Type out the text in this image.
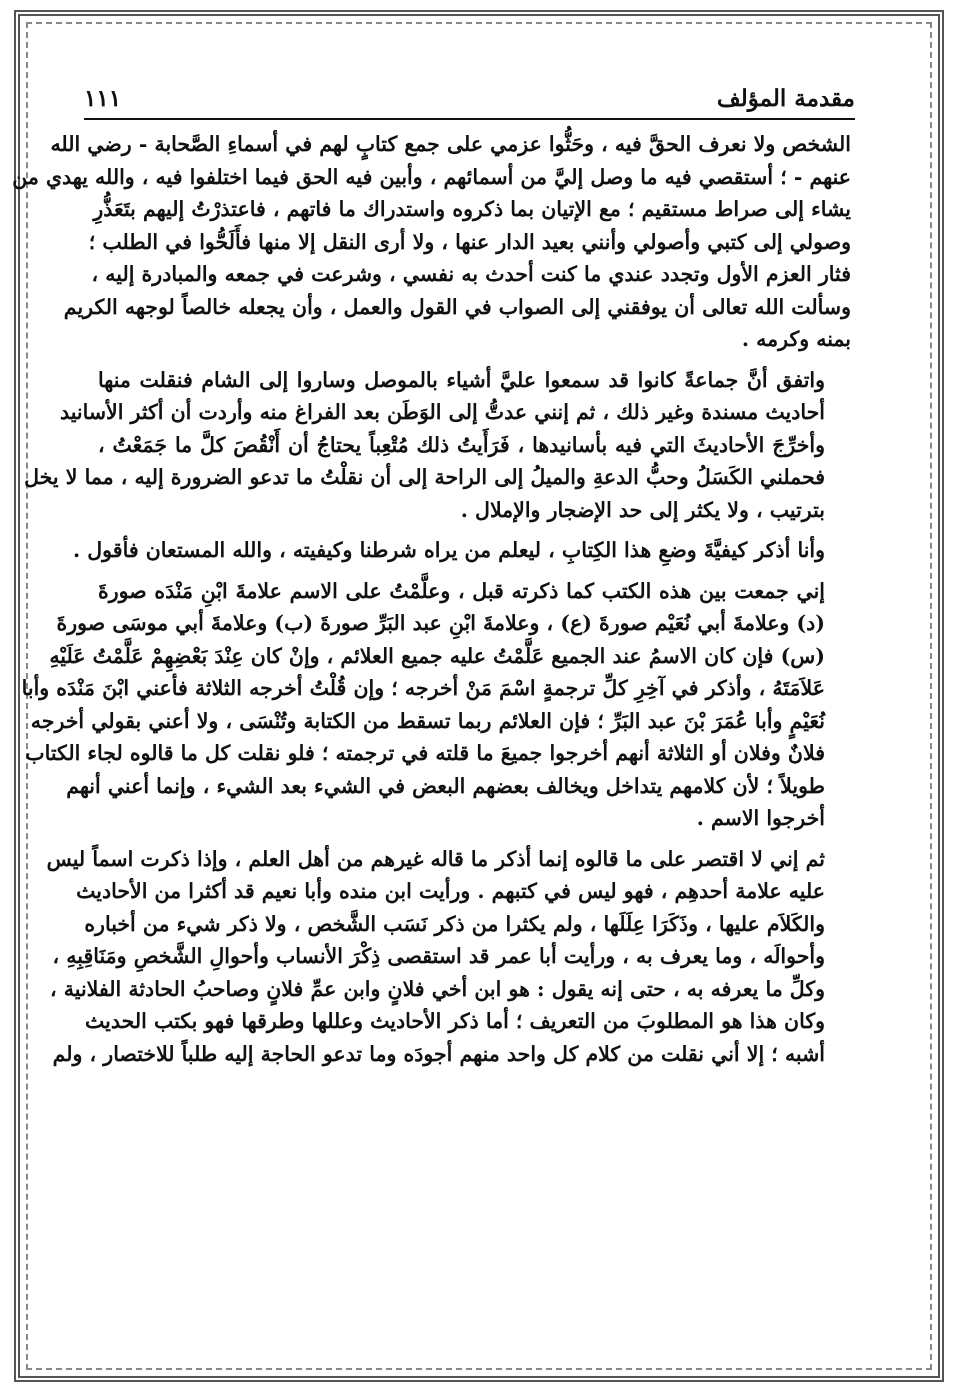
مقدمة المؤلف
١١١

الشخص ولا نعرف الحقَّ فيه ، وحَثُّوا عزمي على جمع كتابٍ لهم في أسماءِ الصَّحابة - رضي الله
عنهم - ؛ أستقصي فيه ما وصل إليَّ من أسمائهم ، وأبين فيه الحق فيما اختلفوا فيه ، والله يهدي من
يشاء إلى صراط مستقيم ؛ مع الإتيان بما ذكروه واستدراك ما فاتهم ، فاعتذرْتُ إليهم بتَعَذُّرِ
وصولي إلى كتبي وأصولي وأنني بعيد الدار عنها ، ولا أرى النقل إلا منها فأَلَحُّوا في الطلب ؛
فثار العزم الأول وتجدد عندي ما كنت أحدث به نفسي ، وشرعت في جمعه والمبادرة إليه ،
وسألت الله تعالى أن يوفقني إلى الصواب في القول والعمل ، وأن يجعله خالصاً لوجهه الكريم
بمنه وكرمه .

واتفق أنَّ جماعةً كانوا قد سمعوا عليَّ أشياء بالموصل وساروا إلى الشام فنقلت منها
أحاديث مسندة وغير ذلك ، ثم إنني عدتُّ إلى الوَطَن بعد الفراغ منه وأردت أن أكثر الأسانيد
وأخرِّجَ الأحاديثَ التي فيه بأسانيدها ، فَرَأَيتُ ذلك مُتْعِباً يحتاجُ أن أَنْقُصَ كلَّ ما جَمَعْتُ ،
فحملني الكَسَلُ وحبُّ الدعةِ والميلُ إلى الراحة إلى أن نقلْتُ ما تدعو الضرورة إليه ، مما لا يخل
بترتيب ، ولا يكثر إلى حد الإضجار والإملال .

وأنا أذكر كيفيَّةَ وضعِ هذا الكِتابِ ، ليعلم من يراه شرطنا وكيفيته ، والله المستعان فأقول .

إني جمعت بين هذه الكتب كما ذكرته قبل ، وعلَّمْتُ على الاسم علامةَ ابْنِ مَنْدَه صورةَ
(د) وعلامةَ أبي نُعَيْم صورةَ (ع) ، وعلامةَ ابْنِ عبد البَرِّ صورةَ (ب) وعلامةَ أبي موسَى صورةَ
(س) فإن كان الاسمُ عند الجميع عَلَّمْتُ عليه جميع العلائم ، وإنْ كان عِنْدَ بَعْضِهِمْ عَلَّمْتُ عَلَيْهِ
عَلاَمَتَهُ ، وأذكر في آخِرِ كلِّ ترجمةٍ اسْمَ مَنْ أخرجه ؛ وإن قُلْتُ أخرجه الثلاثة فأعني ابْنَ مَنْدَه وأبا
نُعَيْمٍ وأبا عُمَرَ بْنَ عبد البَرِّ ؛ فإن العلائم ربما تسقط من الكتابة وتُنْسَى ، ولا أعني بقولي أخرجه
فلانٌ وفلان أو الثلاثة أنهم أخرجوا جميعَ ما قلته في ترجمته ؛ فلو نقلت كل ما قالوه لجاء الكتاب
طويلاً ؛ لأن كلامهم يتداخل ويخالف بعضهم البعض في الشيء بعد الشيء ، وإنما أعني أنهم
أخرجوا الاسم .

ثم إني لا اقتصر على ما قالوه إنما أذكر ما قاله غيرهم من أهل العلم ، وإذا ذكرت اسماً ليس
عليه علامة أحدهِم ، فهو ليس في كتبهم . ورأيت ابن منده وأبا نعيم قد أكثرا من الأحاديث
والكَلاَم عليها ، وذَكَرَا عِلَلَها ، ولم يكثرا من ذكر نَسَب الشَّخص ، ولا ذكر شيء من أخباره
وأحوالَه ، وما يعرف به ، ورأيت أبا عمر قد استقصى ذِكْرَ الأنساب وأحوالِ الشَّخصِ ومَنَاقِبِهِ ،
وكلِّ ما يعرفه به ، حتى إنه يقول : هو ابن أخي فلانٍ وابن عمِّ فلانٍ وصاحبُ الحادثة الفلانية ،
وكان هذا هو المطلوبَ من التعريف ؛ أما ذكر الأحاديث وعللها وطرقها فهو بكتب الحديث
أشبه ؛ إلا أني نقلت من كلام كل واحد منهم أجودَه وما تدعو الحاجة إليه طلباً للاختصار ، ولم
